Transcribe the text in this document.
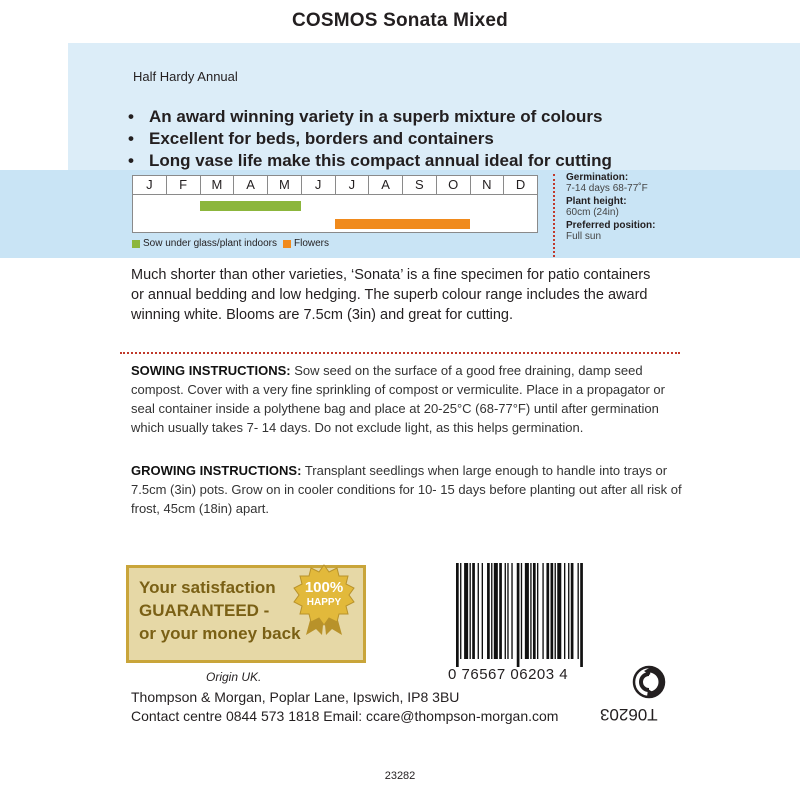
COSMOS Sonata Mixed
Half Hardy Annual
• An award winning variety in a superb mixture of colours
• Excellent for beds, borders and containers
• Long vase life make this compact annual ideal for cutting
J	F	M	A	M	J	J	A	S	O	N	D
Sow under glass/plant indoors Flowers
Germination:
7-14 days 68-77˚F
Plant height:
60cm (24in)
Preferred position:
Full sun
Much shorter than other varieties, ‘Sonata’ is a fine specimen for patio containers or annual bedding and low hedging. The superb colour range includes the award winning white. Blooms are 7.5cm (3in) and great for cutting.
SOWING INSTRUCTIONS: Sow seed on the surface of a good free draining, damp seed compost. Cover with a very fine sprinkling of compost or vermiculite. Place in a propagator or seal container inside a polythene bag and place at 20-25°C (68-77°F) until after germination which usually takes 7- 14 days. Do not exclude light, as this helps germination.
GROWING INSTRUCTIONS: Transplant seedlings when large enough to handle into trays or 7.5cm (3in) pots. Grow on in cooler conditions for 10- 15 days before planting out after all risk of frost, 45cm (18in) apart.
Your satisfaction
GUARANTEED -
or your money back
100%
HAPPY
Origin UK.
Thompson & Morgan, Poplar Lane, Ipswich, IP8 3BU
Contact centre 0844 573 1818 Email: ccare@thompson-morgan.com
0 76567 06203 4
T06203
23282
